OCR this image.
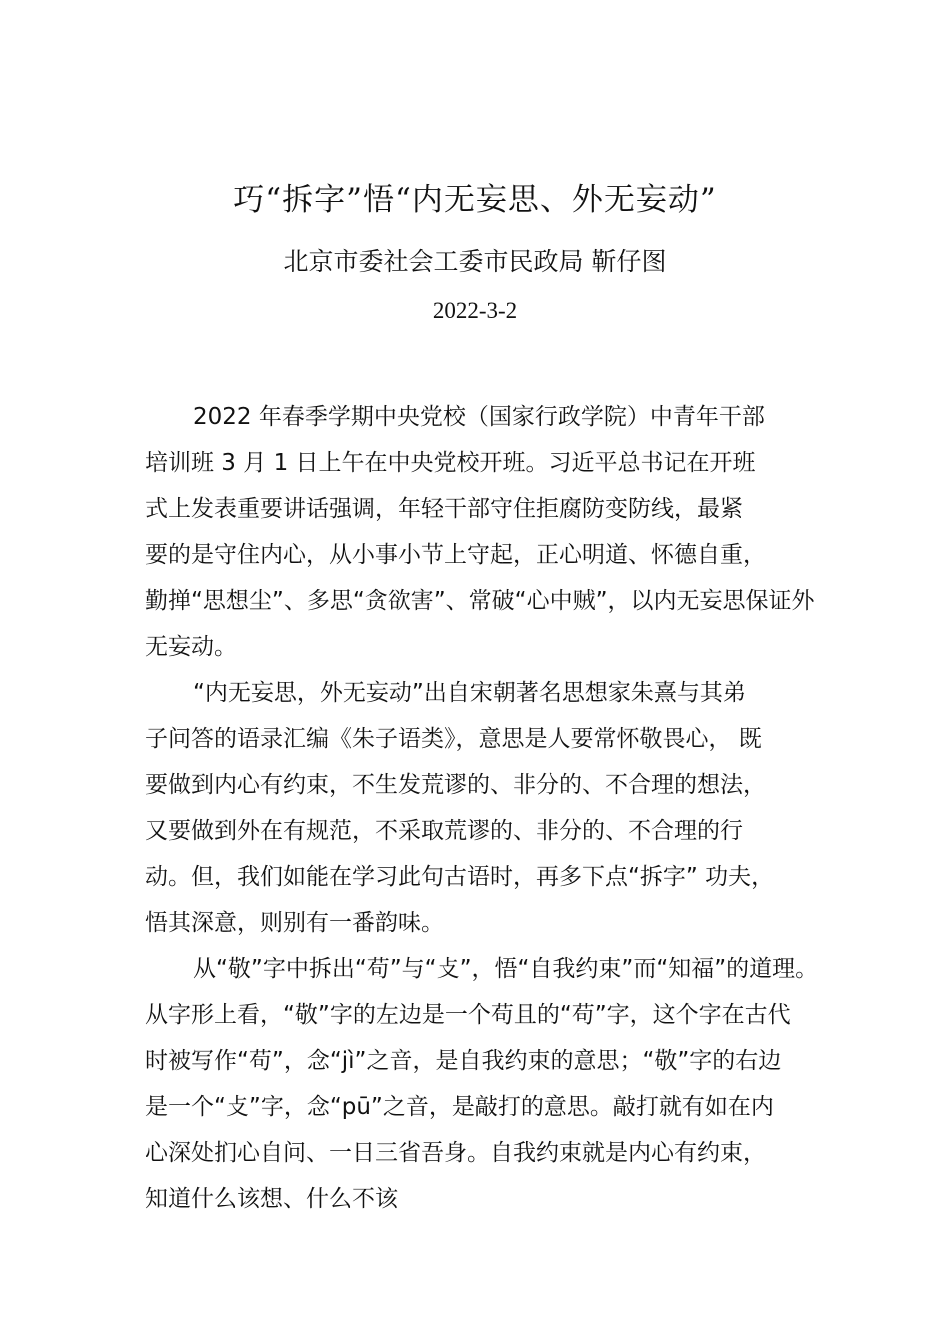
巧“拆字”悟“内无妄思、外无妄动”
北京市委社会工委市民政局 靳仔图
2022-3-2
2022 年春季学期中央党校（国家行政学院）中青年干部
培训班 3 月 1 日上午在中央党校开班。习近平总书记在开班
式上发表重要讲话强调，年轻干部守住拒腐防变防线，最紧
要的是守住内心，从小事小节上守起，正心明道、怀德自重，
勤掸“思想尘”、多思“贪欲害”、常破“心中贼”，以内无妄思保证外
无妄动。
“内无妄思，外无妄动”出自宋朝著名思想家朱熹与其弟
子问答的语录汇编《朱子语类》，意思是人要常怀敬畏心， 既
要做到内心有约束，不生发荒谬的、非分的、不合理的想法，
又要做到外在有规范，不采取荒谬的、非分的、不合理的行
动。但，我们如能在学习此句古语时，再多下点“拆字” 功夫，
悟其深意，则别有一番韵味。
从“敬”字中拆出“苟”与“攴”，悟“自我约束”而“知福”的道理。
从字形上看，“敬”字的左边是一个苟且的“苟”字，这个字在古代
时被写作“苟”，念“jì”之音，是自我约束的意思；“敬”字的右边
是一个“攴”字，念“pū”之音，是敲打的意思。敲打就有如在内
心深处扪心自问、一日三省吾身。自我约束就是内心有约束，
知道什么该想、什么不该
